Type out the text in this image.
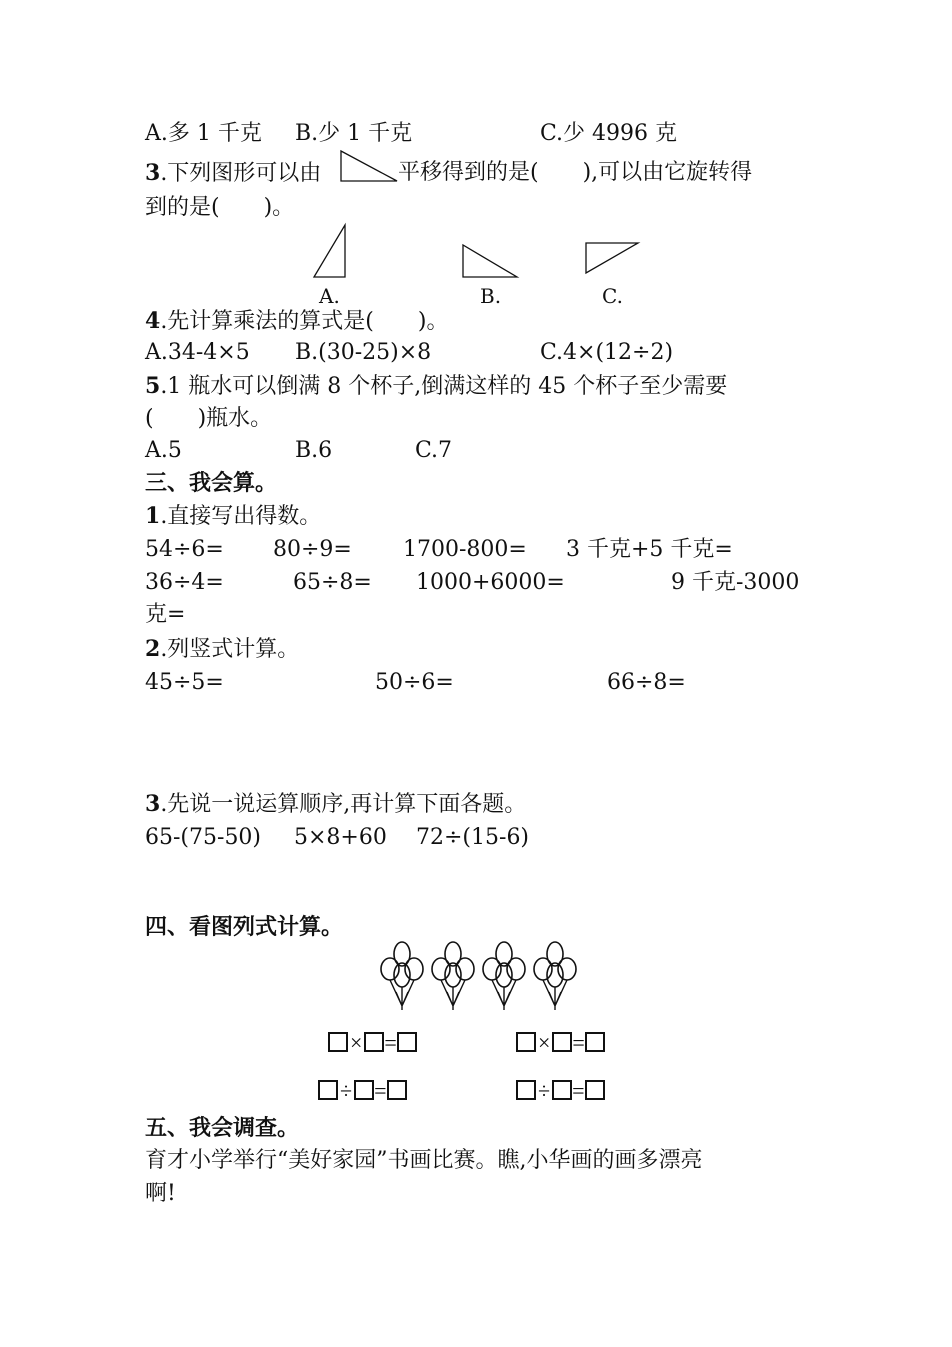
A.多 1 千克 B.少 1 千克	C.少 4996 克
3.下列图形可以由	平移得到的是(　　),可以由它旋转得
到的是(　　)。
A.	B.	C.
4.先计算乘法的算式是(　　)。
A.34-4×5 B.(30-25)×8	C.4×(12÷2)
5.1 瓶水可以倒满 8 个杯子,倒满这样的 45 个杯子至少需要
(　　)瓶水。
A.5	B.6	C.7
三、我会算。
1.直接写出得数。
54÷6= 80÷9= 1700-800= 3 千克+5 千克=
36÷4=	65÷8= 1000+6000=	9 千克-3000
克=
2.列竖式计算。
45÷5=	50÷6=	66÷8=
3.先说一说运算顺序,再计算下面各题。
65-(75-50) 5×8+60 72÷(15-6)
四、看图列式计算。
× =	× =
÷ =	÷ =
五、我会调查。
育才小学举行“美好家园”书画比赛。瞧,小华画的画多漂亮
啊!
